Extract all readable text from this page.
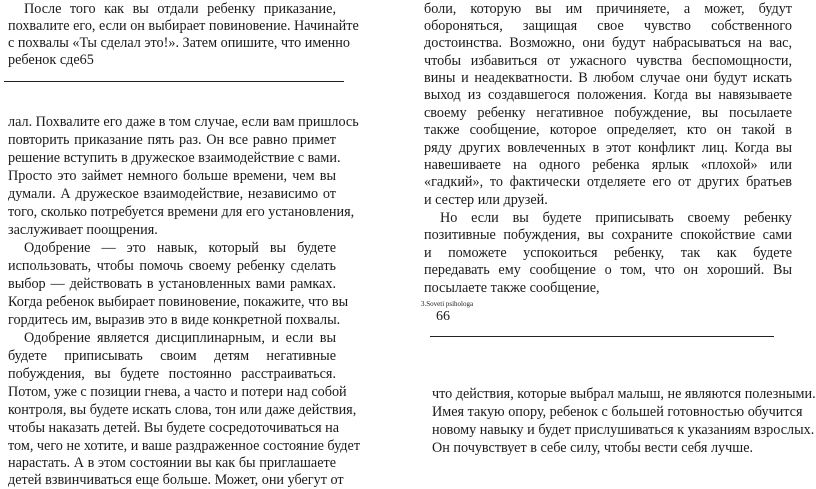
После того как вы отдали ребенку приказание,
похвалите его, если он выбирает повиновение. Начинайте
с похвалы «Ты сделал это!». Затем опишите, что именно
ребенок сде65
лал. Похвалите его даже в том случае, если вам пришлось
повторить приказание пять раз. Он все равно примет
решение вступить в дружеское взаимодействие с вами.
Просто это займет немного больше времени, чем вы
думали. А дружеское взаимодействие, независимо от
того, сколько потребуется времени для его установления,
заслуживает поощрения.
Одобрение — это навык, который вы будете
использовать, чтобы помочь своему ребенку сделать
выбор — действовать в установленных вами рамках.
Когда ребенок выбирает повиновение, покажите, что вы
гордитесь им, выразив это в виде конкретной похвалы.
Одобрение является дисциплинарным, и если вы
будете приписывать своим детям негативные
побуждения, вы будете постоянно расстраиваться.
Потом, уже с позиции гнева, а часто и потери над собой
контроля, вы будете искать слова, тон или даже действия,
чтобы наказать детей. Вы будете сосредоточиваться на
том, чего не хотите, и ваше раздраженное состояние будет
нарастать. А в этом состоянии вы как бы приглашаете
детей взвинчиваться еще больше. Может, они убегут от
боли, которую вы им причиняете, а может, будут
обороняться, защищая свое чувство собственного
достоинства. Возможно, они будут набрасываться на вас,
чтобы избавиться от ужасного чувства беспомощности,
вины и неадекватности. В любом случае они будут искать
выход из создавшегося положения. Когда вы навязываете
своему ребенку негативное побуждение, вы посылаете
также сообщение, которое определяет, кто он такой в
ряду других вовлеченных в этот конфликт лиц. Когда вы
навешиваете на одного ребенка ярлык «плохой» или
«гадкий», то фактически отделяете его от других братьев
и сестер или друзей.
Но если вы будете приписывать своему ребенку
позитивные побуждения, вы сохраните спокойствие сами
и поможете успокоиться ребенку, так как будете
передавать ему сообщение о том, что он хороший. Вы
посылаете также сообщение,
3.Soveti psihologa
66
что действия, которые выбрал малыш, не являются полезными.
Имея такую опору, ребенок с большей готовностью обучится
новому навыку и будет прислушиваться к указаниям взрослых.
Он почувствует в себе силу, чтобы вести себя лучше.
